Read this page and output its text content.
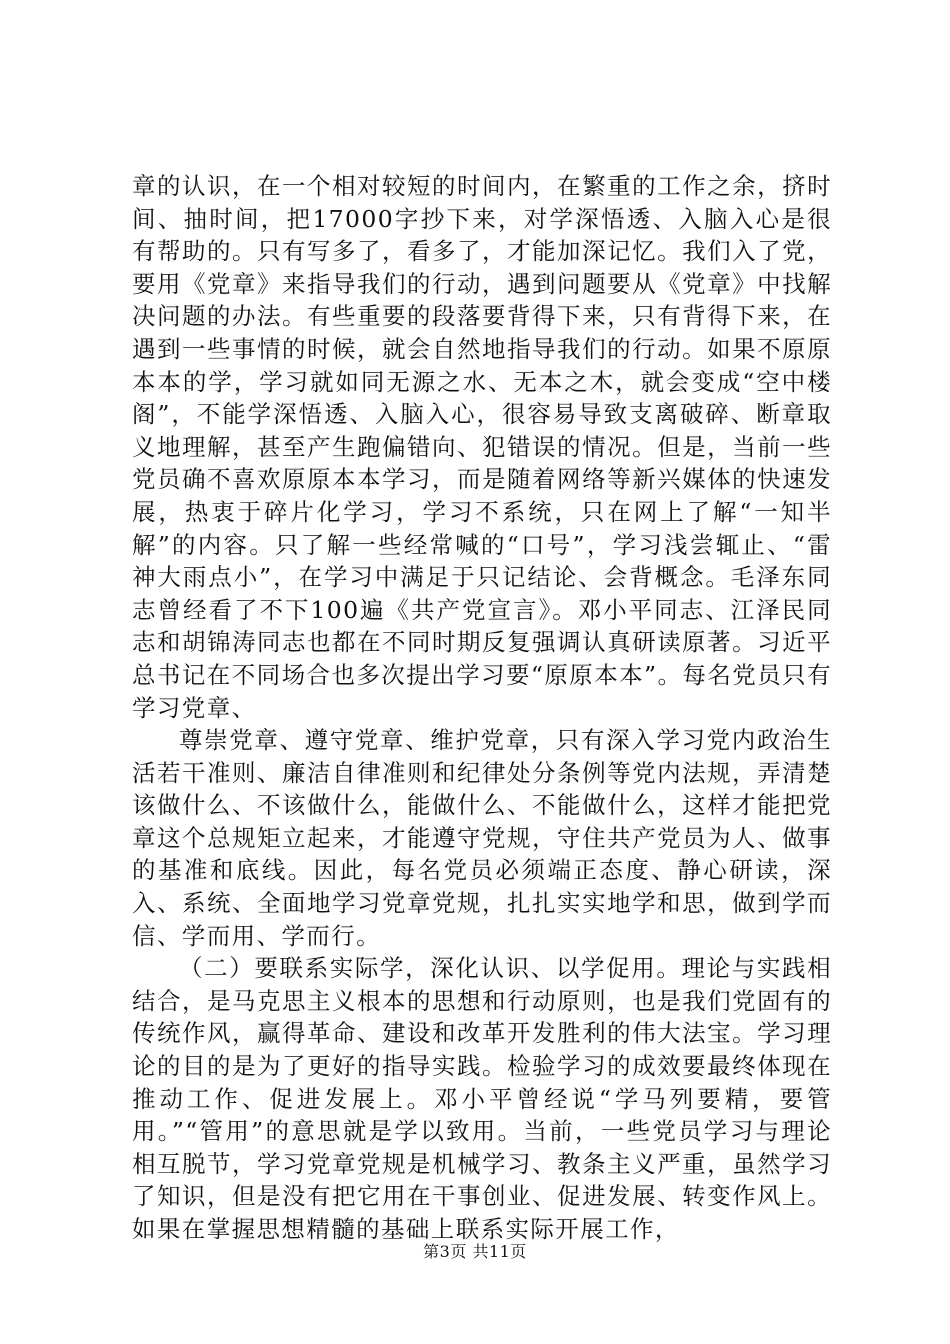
章的认识，在一个相对较短的时间内，在繁重的工作之余，挤时间、抽时间，把17000字抄下来，对学深悟透、入脑入心是很有帮助的。只有写多了，看多了，才能加深记忆。我们入了党，要用《党章》来指导我们的行动，遇到问题要从《党章》中找解决问题的办法。有些重要的段落要背得下来，只有背得下来，在遇到一些事情的时候，就会自然地指导我们的行动。如果不原原本本的学，学习就如同无源之水、无本之木，就会变成“空中楼阁”，不能学深悟透、入脑入心，很容易导致支离破碎、断章取义地理解，甚至产生跑偏错向、犯错误的情况。但是，当前一些党员确不喜欢原原本本学习，而是随着网络等新兴媒体的快速发展，热衷于碎片化学习，学习不系统，只在网上了解“一知半解”的内容。只了解一些经常喊的“口号”，学习浅尝辄止、“雷神大雨点小”，在学习中满足于只记结论、会背概念。毛泽东同志曾经看了不下100遍《共产党宣言》。邓小平同志、江泽民同志和胡锦涛同志也都在不同时期反复强调认真研读原著。习近平总书记在不同场合也多次提出学习要“原原本本”。每名党员只有学习党章、

尊崇党章、遵守党章、维护党章，只有深入学习党内政治生活若干准则、廉洁自律准则和纪律处分条例等党内法规，弄清楚该做什么、不该做什么，能做什么、不能做什么，这样才能把党章这个总规矩立起来，才能遵守党规，守住共产党员为人、做事的基准和底线。因此，每名党员必须端正态度、静心研读，深入、系统、全面地学习党章党规，扎扎实实地学和思，做到学而信、学而用、学而行。

（二）要联系实际学，深化认识、以学促用。理论与实践相结合，是马克思主义根本的思想和行动原则，也是我们党固有的传统作风，赢得革命、建设和改革开发胜利的伟大法宝。学习理论的目的是为了更好的指导实践。检验学习的成效要最终体现在推动工作、促进发展上。邓小平曾经说“学马列要精，要管用。”“管用”的意思就是学以致用。当前，一些党员学习与理论相互脱节，学习党章党规是机械学习、教条主义严重，虽然学习了知识，但是没有把它用在干事创业、促进发展、转变作风上。如果在掌握思想精髓的基础上联系实际开展工作，

第3页 共11页
